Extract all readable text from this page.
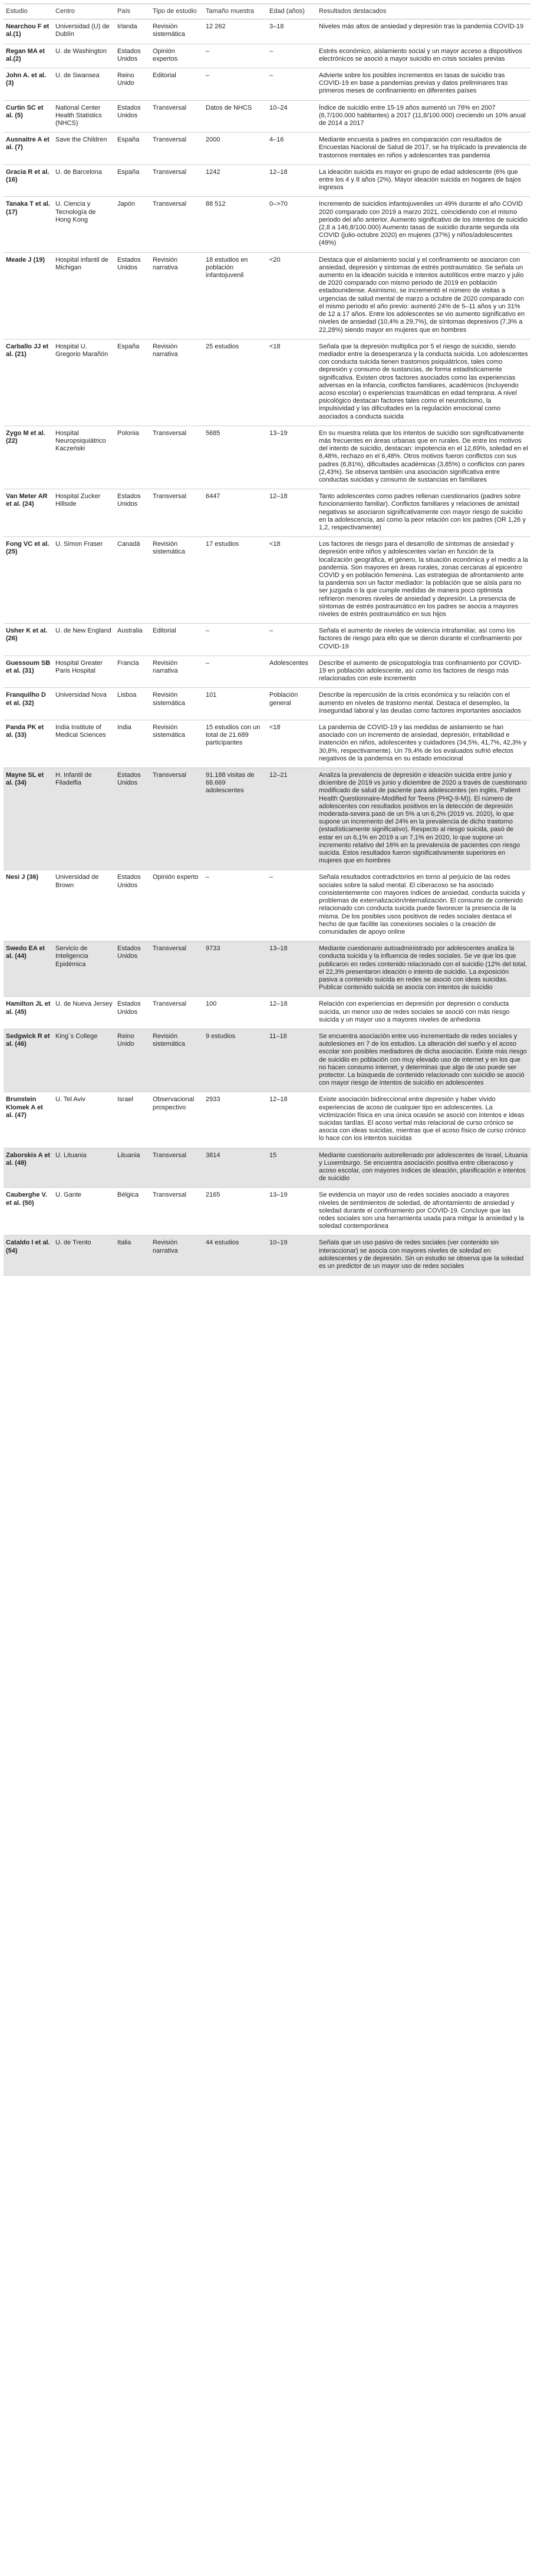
Estudio	Centro	País	Tipo de estudio	Tamaño muestra	Edad (años)	Resultados destacados
Nearchou F et al.(1)	Universidad (U) de Dublín	Irlanda	Revisión sistemática	12 262	3–18	Niveles más altos de ansiedad y depresión tras la pandemia COVID-19
Regan MA et al.(2)	U. de Washington	Estados Unidos	Opinión expertos	–	–	Estrés económico, aislamiento social y un mayor acceso a dispositivos electrónicos se asoció a mayor suicidio en crisis sociales previas
John A. et al. (3)	U. de Swansea	Reino Unido	Editorial	–	–	Advierte sobre los posibles incrementos en tasas de suicidio tras COVID-19 en base a pandemias previas y datos preliminares tras primeros meses de confinamiento en diferentes países
Curtin SC et al. (5)	National Center Health Statistics (NHCS)	Estados Unidos	Transversal	Datos de NHCS	10–24	Índice de suicidio entre 15-19 años aumentó un 76% en 2007 (6,7/100.000 habitantes) a 2017 (11,8/100.000) creciendo un 10% anual de 2014 a 2017
Ausnaitre A et al. (7)	Save the Children	España	Transversal	2000	4–16	Mediante encuesta a padres en comparación con resultados de Encuestas Nacional de Salud de 2017, se ha triplicado la prevalencia de trastornos mentales en niños y adolescentes tras pandemia
Gracia R et al. (16)	U. de Barcelona	España	Transversal	1242	12–18	La ideación suicida es mayor en grupo de edad adolescente (6% que entre los 4 y 8 años (2%). Mayor ideación suicida en hogares de bajos ingresos
Tanaka T et al. (17)	U. Ciencia y Tecnología de Hong Kong	Japón	Transversal	88 512	0–>70	Incremento de suicidios infantojuveniles un 49% durante el año COVID 2020 comparado con 2019 a marzo 2021, coincidiendo con el mismo periodo del año anterior. Aumento significativo de los intentos de suicidio (2,8 a 146,8/100.000) Aumento tasas de suicidio durante segunda ola COVID (julio-octubre 2020) en mujeres (37%) y niños/adolescentes (49%)
Meade J (19)	Hospital infantil de Michigan	Estados Unidos	Revisión narrativa	18 estudios en población infantojuvenil	<20	Destaca que el aislamiento social y el confinamiento se asociaron con ansiedad, depresión y síntomas de estrés postraumático. Se señala un aumento en la ideación suicida e intentos autolíticos entre marzo y julio de 2020 comparado con mismo periodo de 2019 en población estadounidense. Asimismo, se incrementó el número de visitas a urgencias de salud mental de marzo a octubre de 2020 comparado con el mismo periodo el año previo: aumentó 24% de 5–11 años y un 31% de 12 a 17 años. Entre los adolescentes se vio aumento significativo en niveles de ansiedad (10,4% a 29,7%), de síntomas depresivos (7,3% a 22,28%) siendo mayor en mujeres que en hombres
Carballo JJ et al. (21)	Hospital U. Gregorio Marañón	España	Revisión narrativa	25 estudios	<18	Señala que la depresión multiplica por 5 el riesgo de suicidio, siendo mediador entre la desesperanza y la conducta suicida. Los adolescentes con conducta suicida tienen trastornos psiquiátricos, tales como depresión y consumo de sustancias, de forma estadísticamente significativa. Existen otros factores asociados como las experiencias adversas en la infancia, conflictos familiares, académicos (incluyendo acoso escolar) o experiencias traumáticas en edad temprana. A nivel psicológico destacan factores tales como el neuroticismo, la impulsividad y las dificultades en la regulación emocional como asociados a conducta suicida
Zygo M et al. (22)	Hospital Neuropsiquiátrico Kaczeński	Polonia	Transversal	5685	13–19	En su muestra relata que los intentos de suicidio son significativamente más frecuentes en áreas urbanas que en rurales. De entre los motivos del intento de suicidio, destacan: impotencia en el 12,69%, soledad en el 8,48%, rechazo en el 6,48%. Otros motivos fueron conflictos con sus padres (6,81%), dificultades académicas (3,85%) o conflictos con pares (2,43%). Se observa también una asociación significativa entre conductas suicidas y consumo de sustancias en familiares
Van Meter AR et al. (24)	Hospital Zucker Hillside	Estados Unidos	Transversal	6447	12–18	Tanto adolescentes como padres rellenan cuestionarios (padres sobre funcionamiento familiar). Conflictos familiares y relaciones de amistad negativas se asociaron significativamente con mayor riesgo de suicidio en la adolescencia, así como la peor relación con los padres (OR 1,26 y 1,2, respectivamente)
Fong VC et al. (25)	U. Simon Fraser	Canadá	Revisión sistemática	17 estudios	<18	Los factores de riesgo para el desarrollo de síntomas de ansiedad y depresión entre niños y adolescentes varían en función de la localización geográfica, el género, la situación económica y el medio a la pandemia. Son mayores en áreas rurales, zonas cercanas al epicentro COVID y en población femenina. Las estrategias de afrontamiento ante la pandemia son un factor mediador: la población que se aísla para no ser juzgada o la que cumple medidas de manera poco optimista refirieron menores niveles de ansiedad y depresión. La presencia de síntomas de estrés postraumático en los padres se asocia a mayores niveles de estrés postraumático en sus hijos
Usher K et al. (26)	U. de New England	Australia	Editorial	–	–	Señala el aumento de niveles de violencia intrafamiliar, así como los factores de riesgo para ello que se dieron durante el confinamiento por COVID-19
Guessoum SB et al. (31)	Hospital Greater Paris Hospital	Francia	Revisión narrativa	–	Adolescentes	Describe el aumento de psicopatología tras confinamiento por COVID-19 en población adolescente, así como los factores de riesgo más relacionados con este incremento
Franquilho D et al. (32)	Universidad Nova	Lisboa	Revisión sistemática	101	Población general	Describe la repercusión de la crisis económica y su relación con el aumento en niveles de trastorno mental. Destaca el desempleo, la inseguridad laboral y las deudas como factores importantes asociados
Panda PK et al. (33)	India Institute of Medical Sciences	India	Revisión sistemática	15 estudios con un total de 21.689 participantes	<18	La pandemia de COVID-19 y las medidas de aislamiento se han asociado con un incremento de ansiedad, depresión, irritabilidad e inatención en niños, adolescentes y cuidadores (34,5%, 41,7%, 42,3% y 30,8%, respectivamente). Un 79,4% de los evaluados sufrió efectos negativos de la pandemia en su estado emocional
Mayne SL et al. (34)	H. Infantil de Filadelfia	Estados Unidos	Transversal	91.188 visitas de 68.669 adolescentes	12–21	Analiza la prevalencia de depresión e ideación suicida entre junio y diciembre de 2019 vs junio y diciembre de 2020 a través de cuestionario modificado de salud de paciente para adolescentes (en inglés, Patient Health Questionnaire-Modified for Teens (PHQ-9-M)). El número de adolescentes con resultados positivos en la detección de depresión moderada-severa pasó de un 5% a un 6,2% (2019 vs. 2020), lo que supone un incremento del 24% en la prevalencia de dicho trastorno (estadísticamente significativo). Respecto al riesgo suicida, pasó de estar en un 6,1% en 2019 a un 7,1% en 2020, lo que supone un incremento relativo del 16% en la prevalencia de pacientes con riesgo suicida. Estos resultados fueron significativamente superiores en mujeres que en hombres
Nesi J (36)	Universidad de Brown	Estados Unidos	Opinión experto	–	–	Señala resultados contradictorios en torno al perjuicio de las redes sociales sobre la salud mental. El ciberacoso se ha asociado consistentemente con mayores índices de ansiedad, conducta suicida y problemas de externalización/internalización. El consumo de contenido relacionado con conducta suicida puede favorecer la presencia de la misma. De los posibles usos positivos de redes sociales destaca el hecho de que facilite las conexiones sociales o la creación de comunidades de apoyo online
Swedo EA et al. (44)	Servicio de Inteligencia Epidémica	Estados Unidos	Transversal	9733	13–18	Mediante cuestionario autoadministrado por adolescentes analiza la conducta suicida y la influencia de redes sociales. Se ve que los que publicaron en redes contenido relacionado con el suicidio (12% del total, el 22,3% presentaron ideación o intento de suicidio. La exposición pasiva a contenido suicida en redes se asoció con ideas suicidas. Publicar contenido suicida se asocia con intentos de suicidio
Hamilton JL et al. (45)	U. de Nueva Jersey	Estados Unidos	Transversal	100	12–18	Relación con experiencias en depresión por depresión o conducta suicida, un menor uso de redes sociales se asoció con más riesgo suicida y un mayor uso a mayores niveles de anhedonia
Sedgwick R et al. (46)	King´s College	Reino Unido	Revisión sistemática	9 estudios	11–18	Se encuentra asociación entre uso incrementado de redes sociales y autolesiones en 7 de los estudios. La alteración del sueño y el acoso escolar son posibles mediadores de dicha asociación. Existe más riesgo de suicidio en población con muy elevado uso de internet y en los que no hacen consumo internet, y determinas que algo de uso puede ser protector. La búsqueda de contenido relacionado con suicidio se asoció con mayor riesgo de intentos de suicidio en adolescentes
Brunstein Klomek A et al. (47)	U. Tel Aviv	Israel	Observacional prospectivo	2933	12–18	Existe asociación bidireccional entre depresión y haber vivido experiencias de acoso de cualquier tipo en adolescentes. La victimización física en una única ocasión se asoció con intentos e ideas suicidas tardías. El acoso verbal más relacional de curso crónico se asocia con ideas suicidas, mientras que el acoso físico de curso crónico lo hace con los intentos suicidas
Zaborskis A et al. (48)	U. Lituania	Lituania	Transversal	3814	15	Mediante cuestionario autorellenado por adolescentes de Israel, Lituania y Luxemburgo. Se encuentra asociación positiva entre ciberacoso y acoso escolar, con mayores índices de ideación, planificación e intentos de suicidio
Cauberghe V. et al. (50)	U. Gante	Bélgica	Transversal	2165	13–19	Se evidencia un mayor uso de redes sociales asociado a mayores niveles de sentimientos de soledad, de afrontamiento de ansiedad y soledad durante el confinamiento por COVID-19. Concluye que las redes sociales son una herramienta usada para mitigar la ansiedad y la soledad contemporánea
Cataldo I et al. (54)	U. de Trento	Italia	Revisión narrativa	44 estudios	10–19	Señala que un uso pasivo de redes sociales (ver contenido sin interaccionar) se asocia con mayores niveles de soledad en adolescentes y de depresión. Sin un estudio se observa que la soledad es un predictor de un mayor uso de redes sociales
